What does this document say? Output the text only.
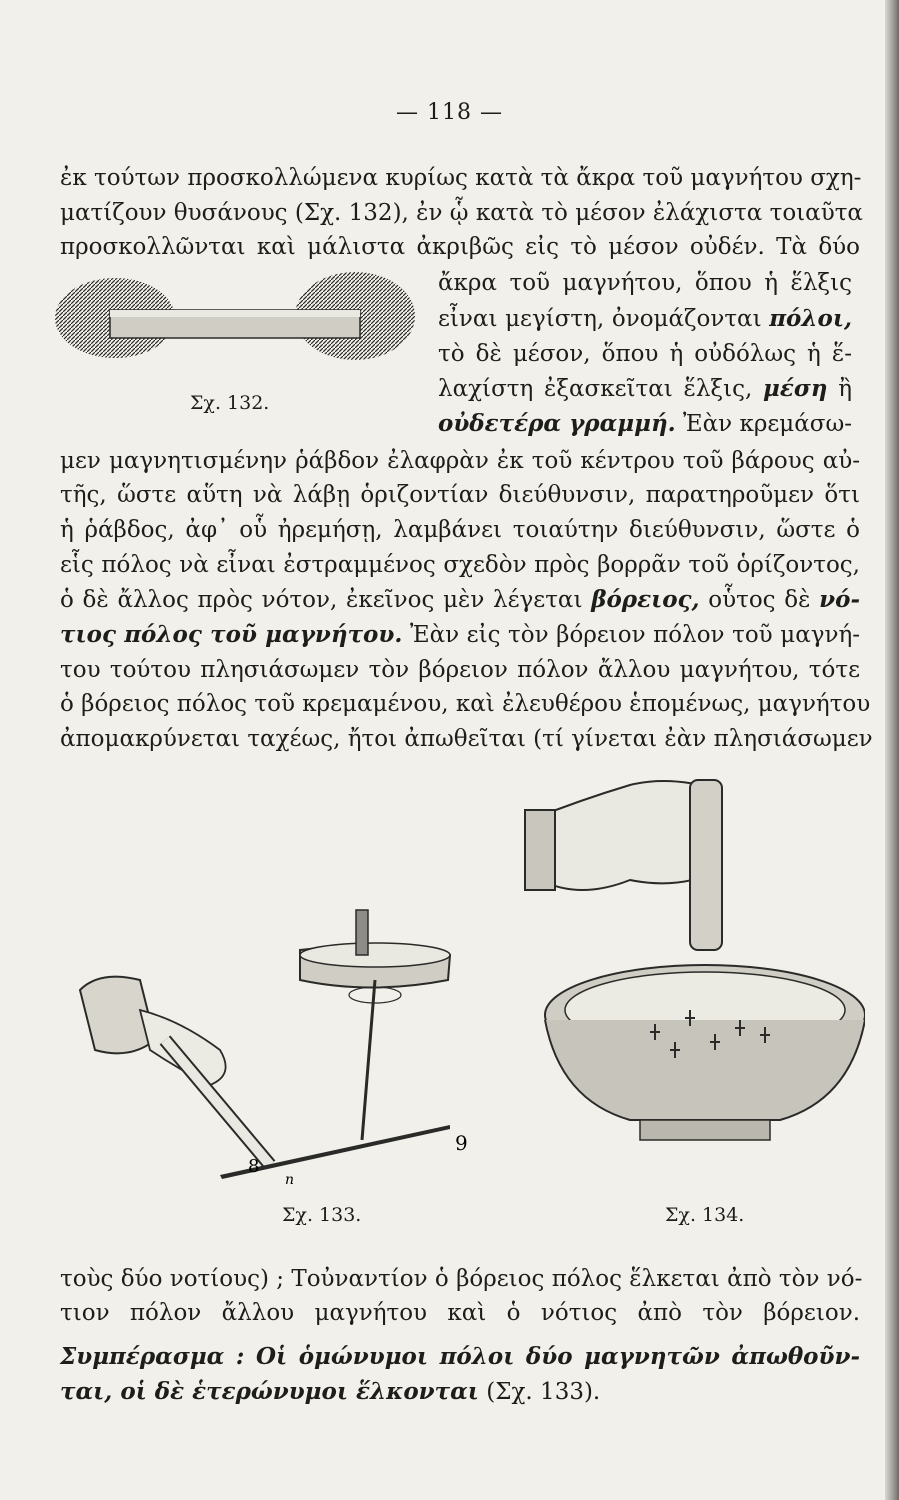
— 118 —
ἐκ τούτων προσκολλώμενα κυρίως κατὰ τὰ ἄκρα τοῦ μαγνήτου σχη-
ματίζουν θυσάνους (Σχ. 132), ἐν ᾧ κατὰ τὸ μέσον ἐλάχιστα τοιαῦτα
προσκολλῶνται καὶ μάλιστα ἀκριβῶς εἰς τὸ μέσον οὐδέν. Τὰ δύο
Σχ. 132.
ἄκρα τοῦ μαγνήτου, ὅπου ἡ ἕλξις
εἶναι μεγίστη, ὀνομάζονται πόλοι,
τὸ δὲ μέσον, ὅπου ἡ οὐδόλως ἡ ἕ-
λαχίστη ἐξασκεῖται ἕλξις, μέση ἢ
οὐδετέρα γραμμή. Ἐὰν κρεμάσω-
μεν μαγνητισμένην ῥάβδον ἐλαφρὰν ἐκ τοῦ κέντρου τοῦ βάρους αὐ-
τῆς, ὥστε αὕτη νὰ λάβῃ ὁριζοντίαν διεύθυνσιν, παρατηροῦμεν ὅτι
ἡ ῥάβδος, ἀφ᾽ οὗ ἠρεμήσῃ, λαμβάνει τοιαύτην διεύθυνσιν, ὥστε ὁ
εἷς πόλος νὰ εἶναι ἐστραμμένος σχεδὸν πρὸς βορρᾶν τοῦ ὁρίζοντος,
ὁ δὲ ἄλλος πρὸς νότον, ἐκεῖνος μὲν λέγεται βόρειος, οὗτος δὲ νό-
τιος πόλος τοῦ μαγνήτου. Ἐὰν εἰς τὸν βόρειον πόλον τοῦ μαγνή-
του τούτου πλησιάσωμεν τὸν βόρειον πόλον ἄλλου μαγνήτου, τότε
ὁ βόρειος πόλος τοῦ κρεμαμένου, καὶ ἐλευθέρου ἑπομένως, μαγνήτου
ἀπομακρύνεται ταχέως, ἤτοι ἀπωθεῖται (τί γίνεται ἐὰν πλησιάσωμεν
9
8
n
Σχ. 133.	Σχ. 134.
τοὺς δύο νοτίους) ; Τοὐναντίον ὁ βόρειος πόλος ἕλκεται ἀπὸ τὸν νό-
τιον πόλον ἄλλου μαγνήτου καὶ ὁ νότιος ἀπὸ τὸν βόρειον.
Συμπέρασμα : Οἱ ὁμώνυμοι πόλοι δύο μαγνητῶν ἀπωθοῦν-
ται, οἱ δὲ ἑτερώνυμοι ἕλκονται (Σχ. 133).
